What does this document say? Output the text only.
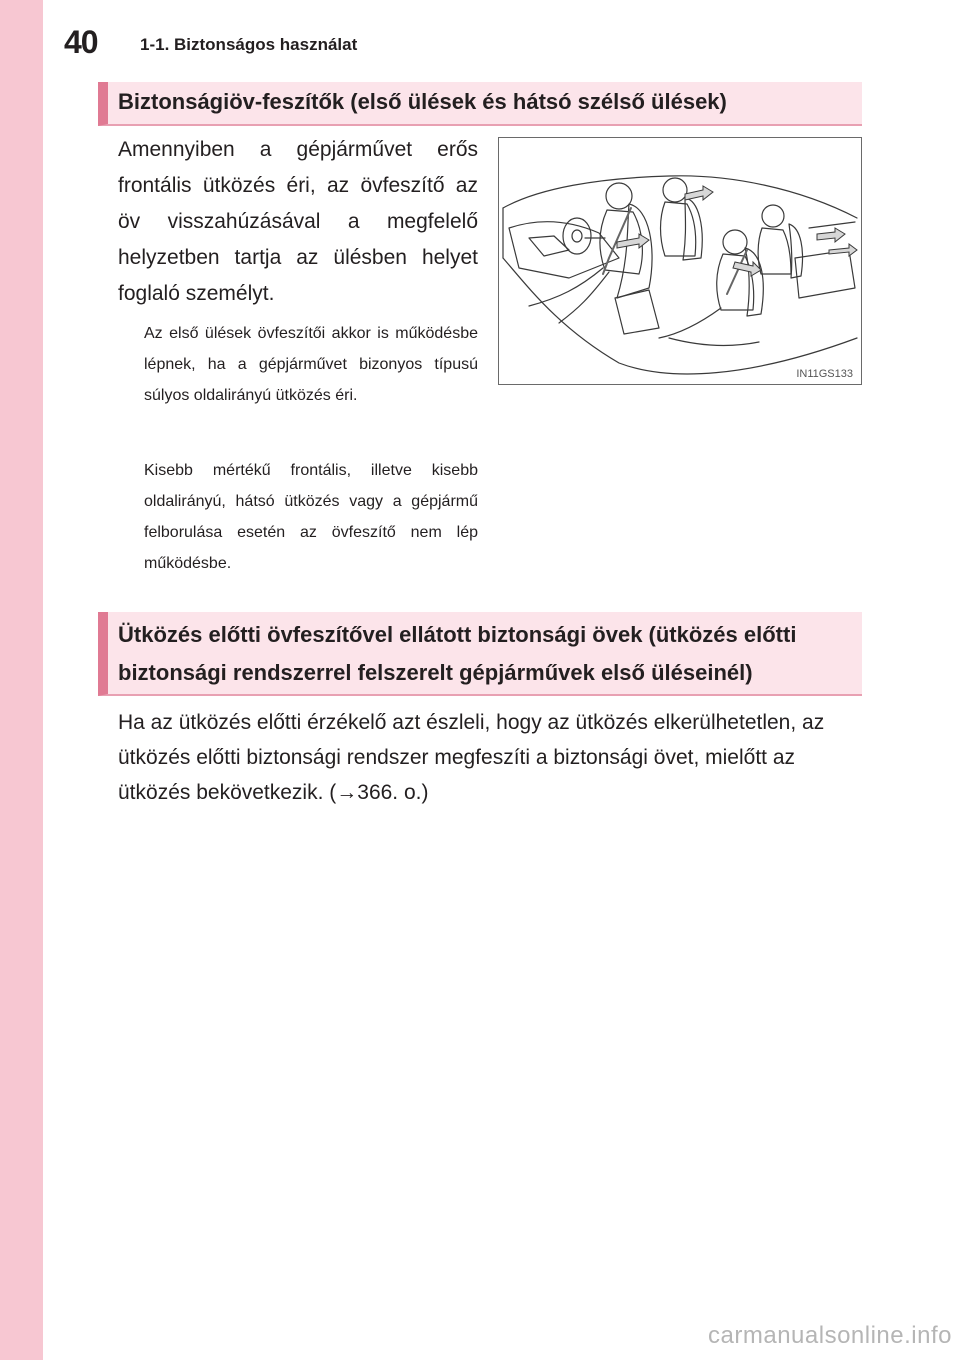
40 1-1. Biztonságos használat
Biztonságiöv-feszítők (első ülések és hátsó szélső ülések)

Amennyiben a gépjárművet erős frontális ütközés éri, az övfeszítő az öv visszahúzásával a megfelelő helyzetben tartja az ülésben helyet foglaló személyt.

Az első ülések övfeszítői akkor is működésbe lépnek, ha a gépjárművet bizonyos típusú súlyos oldalirányú ütközés éri.

Kisebb mértékű frontális, illetve kisebb oldalirányú, hátsó ütközés vagy a gépjármű felborulása esetén az övfeszítő nem lép működésbe.

IN11GS133
Ütközés előtti övfeszítővel ellátott biztonsági övek (ütközés előtti
biztonsági rendszerrel felszerelt gépjárművek első üléseinél)

Ha az ütközés előtti érzékelő azt észleli, hogy az ütközés elkerülhetetlen, az ütközés előtti biztonsági rendszer megfeszíti a biztonsági övet, mielőtt az ütközés bekövetkezik. (→366. o.)

carmanualsonline.info
